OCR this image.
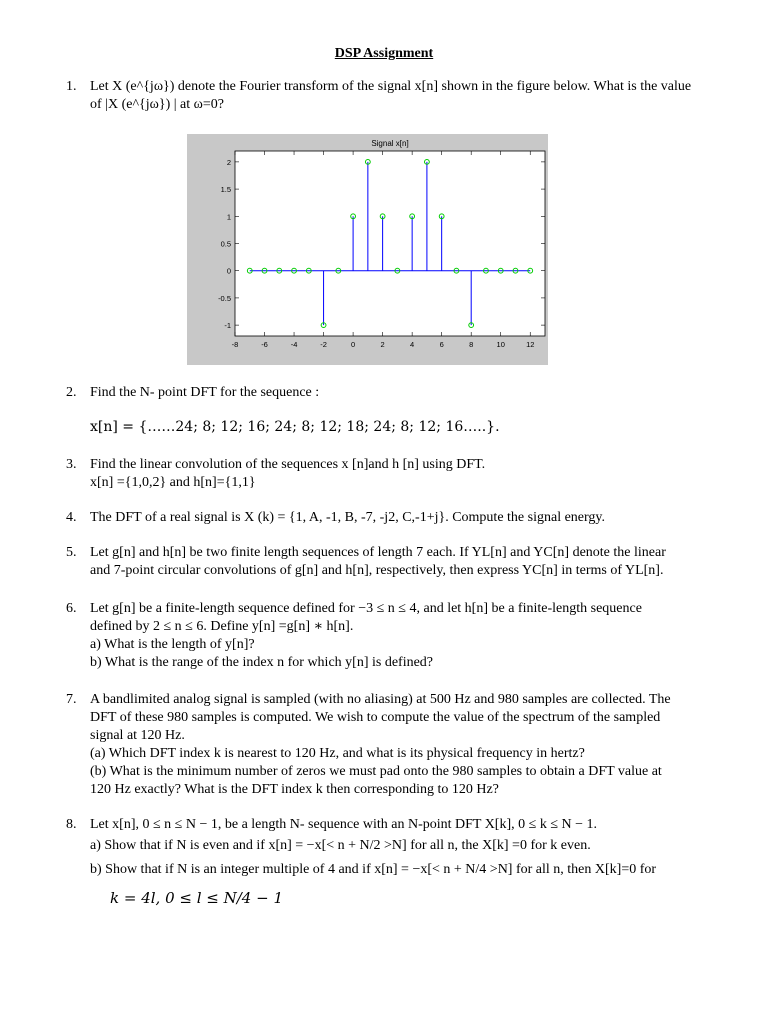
DSP Assignment
1. Let X (e^{jω}) denote the Fourier transform of the signal x[n] shown in the figure below. What is the value
of |X (e^{jω}) | at ω=0?
Signal x[n]
-8	-6	-4	-2	0	2	4	6	8	10	12
-1
-0.5
0
0.5
1
1.5
2
2. Find the N- point DFT for the sequence :
x[n] = {……24; 8; 12; 16; 24; 8; 12; 18; 24; 8; 12; 16…..}.
3. Find the linear convolution of the sequences x [n]and h [n] using DFT.
x[n] ={1,0,2} and h[n]={1,1}
4. The DFT of a real signal is X (k) = {1, A, -1, B, -7, -j2, C,-1+j}. Compute the signal energy.
5. Let g[n] and h[n] be two finite length sequences of length 7 each. If YL[n] and YC[n] denote the linear
and 7-point circular convolutions of g[n] and h[n], respectively, then express YC[n] in terms of YL[n].
6. Let g[n] be a finite-length sequence defined for −3 ≤ n ≤ 4, and let h[n] be a finite-length sequence
defined by 2 ≤ n ≤ 6. Define y[n] =g[n] ∗ h[n].
a) What is the length of y[n]?
b) What is the range of the index n for which y[n] is defined?
7. A bandlimited analog signal is sampled (with no aliasing) at 500 Hz and 980 samples are collected. The
DFT of these 980 samples is computed. We wish to compute the value of the spectrum of the sampled
signal at 120 Hz.
(a) Which DFT index k is nearest to 120 Hz, and what is its physical frequency in hertz?
(b) What is the minimum number of zeros we must pad onto the 980 samples to obtain a DFT value at
120 Hz exactly? What is the DFT index k then corresponding to 120 Hz?
8. Let x[n], 0 ≤ n ≤ N − 1, be a length N- sequence with an N-point DFT X[k], 0 ≤ k ≤ N − 1.
a) Show that if N is even and if x[n] = −x[< n + N/2 >N] for all n, the X[k] =0 for k even.
b) Show that if N is an integer multiple of 4 and if x[n] = −x[< n + N/4 >N] for all n, then X[k]=0 for
k = 4l, 0 ≤ l ≤ N/4 − 1
